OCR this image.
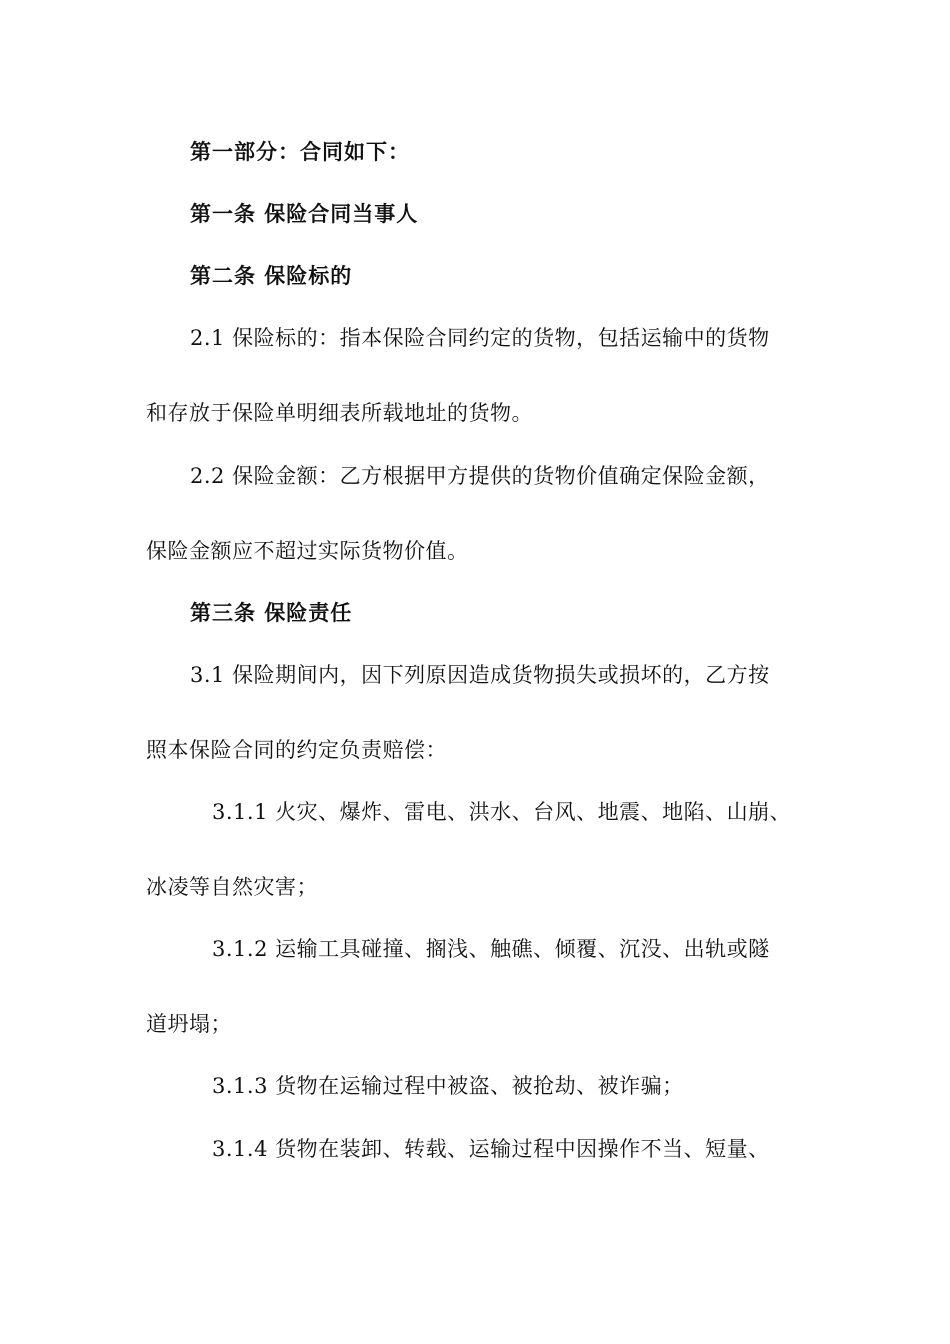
第一部分：合同如下：
第一条 保险合同当事人
第二条 保险标的
2.1 保险标的：指本保险合同约定的货物，包括运输中的货物
和存放于保险单明细表所载地址的货物。
2.2 保险金额：乙方根据甲方提供的货物价值确定保险金额，
保险金额应不超过实际货物价值。
第三条 保险责任
3.1 保险期间内，因下列原因造成货物损失或损坏的，乙方按
照本保险合同的约定负责赔偿：
3.1.1 火灾、爆炸、雷电、洪水、台风、地震、地陷、山崩、
冰凌等自然灾害；
3.1.2 运输工具碰撞、搁浅、触礁、倾覆、沉没、出轨或隧
道坍塌；
3.1.3 货物在运输过程中被盗、被抢劫、被诈骗；
3.1.4 货物在装卸、转载、运输过程中因操作不当、短量、
